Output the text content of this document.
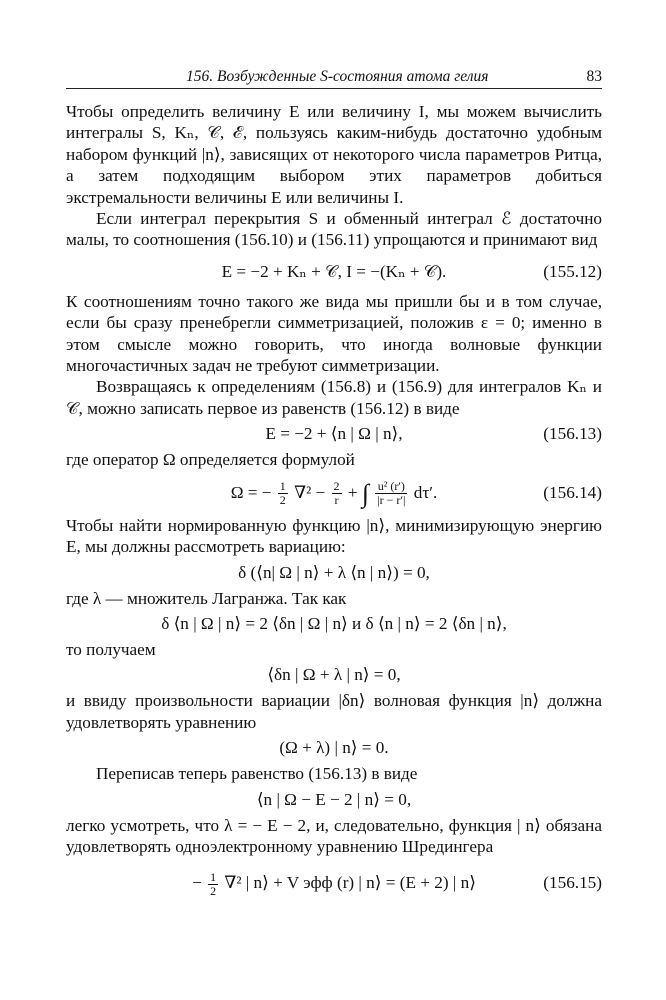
156. Возбужденные S-состояния атома гелия	83

Чтобы определить величину E или величину I, мы можем вычислить интегралы S, Kₙ, 𝒞, ℰ, пользуясь каким-нибудь достаточно удобным набором функций |n⟩, зависящих от некоторого числа параметров Ритца, а затем подходящим выбором этих параметров добиться экстремальности величины E или величины I.

Если интеграл перекрытия S и обменный интеграл ℰ достаточно малы, то соотношения (156.10) и (156.11) упрощаются и принимают вид

E = −2 + Kₙ + 𝒞, I = −(Kₙ + 𝒞).	(155.12)

К соотношениям точно такого же вида мы пришли бы и в том случае, если бы сразу пренебрегли симметризацией, положив ε = 0; именно в этом смысле можно говорить, что иногда волновые функции многочастичных задач не требуют симметризации.

Возвращаясь к определениям (156.8) и (156.9) для интегралов Kₙ и 𝒞, можно записать первое из равенств (156.12) в виде

E = −2 + ⟨n | Ω | n⟩,	(156.13)

где оператор Ω определяется формулой

Ω = − $\frac{1}{2} \nabla^2 - \frac{2}{r}$ + ∫ $\frac{\text{u² (r′)}}{|r - r'|} d\tau'$.	(156.14)

Чтобы найти нормированную функцию |n⟩, минимизирующую энергию E, мы должны рассмотреть вариацию:

δ (⟨n| Ω | n⟩ + λ ⟨n | n⟩) = 0,

где λ — множитель Лагранжа. Так как

δ ⟨n | Ω | n⟩ = 2 ⟨δn | Ω | n⟩ и δ ⟨n | n⟩ = 2 ⟨δn | n⟩,

то получаем

⟨δn | Ω + λ | n⟩ = 0,

и ввиду произвольности вариации |δn⟩ волновая функция |n⟩ должна удовлетворять уравнению

(Ω + λ) | n⟩ = 0.

Переписав теперь равенство (156.13) в виде

⟨n | Ω − E − 2 | n⟩ = 0,

легко усмотреть, что λ = − E − 2, и, следовательно, функция | n⟩ обязана удовлетворять одноэлектронному уравнению Шредингера

− $\frac{1}{2} \nabla^2$ | n⟩ + V эфф (r) | n⟩ = (E + 2) | n⟩	(156.15)
